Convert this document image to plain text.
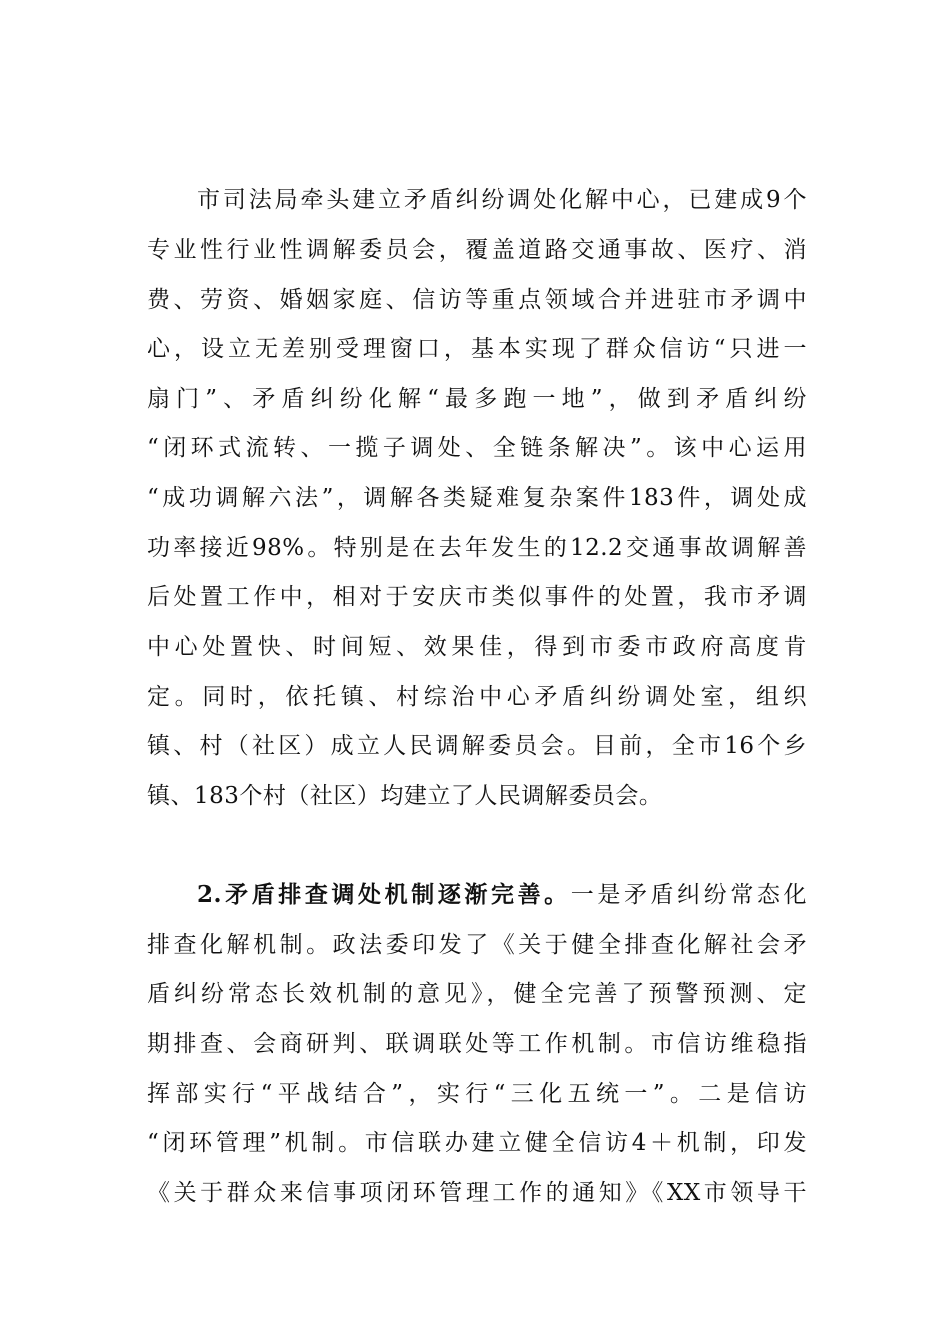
市司法局牵头建立矛盾纠纷调处化解中心，已建成9个
专业性行业性调解委员会，覆盖道路交通事故、医疗、消
费、劳资、婚姻家庭、信访等重点领域合并进驻市矛调中
心，设立无差别受理窗口，基本实现了群众信访“只进一
扇门”、矛盾纠纷化解“最多跑一地”，做到矛盾纠纷
“闭环式流转、一揽子调处、全链条解决”。该中心运用
“成功调解六法”，调解各类疑难复杂案件183件，调处成
功率接近98%。特别是在去年发生的12.2交通事故调解善
后处置工作中，相对于安庆市类似事件的处置，我市矛调
中心处置快、时间短、效果佳，得到市委市政府高度肯
定。同时，依托镇、村综治中心矛盾纠纷调处室，组织
镇、村（社区）成立人民调解委员会。目前，全市16个乡
镇、183个村（社区）均建立了人民调解委员会。
2.矛盾排查调处机制逐渐完善。一是矛盾纠纷常态化
排查化解机制。政法委印发了《关于健全排查化解社会矛
盾纠纷常态长效机制的意见》，健全完善了预警预测、定
期排查、会商研判、联调联处等工作机制。市信访维稳指
挥部实行“平战结合”，实行“三化五统一”。二是信访
“闭环管理”机制。市信联办建立健全信访4＋机制，印发
《关于群众来信事项闭环管理工作的通知》《XX市领导干
